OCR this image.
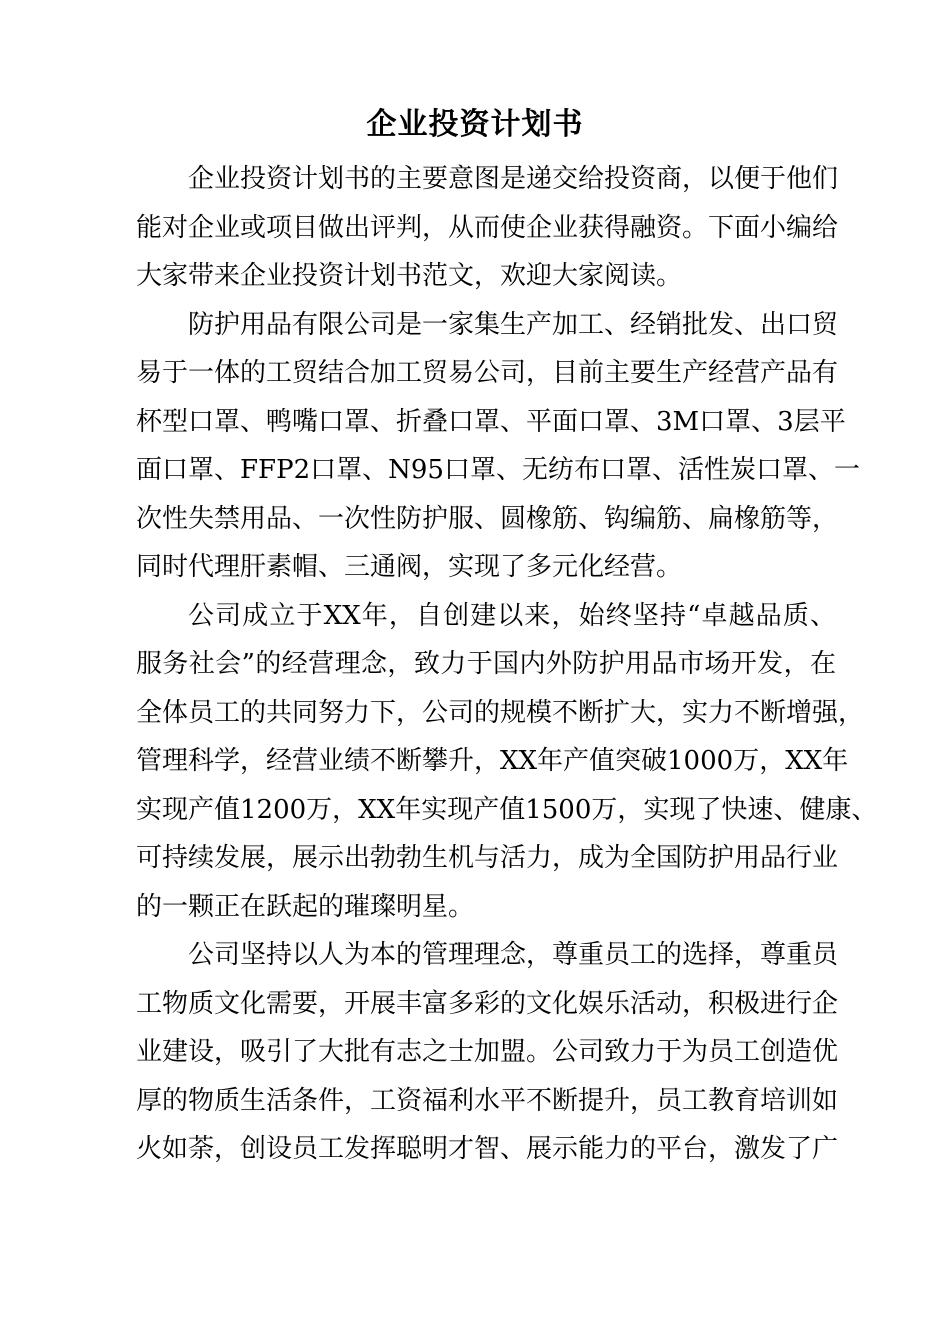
企业投资计划书
企业投资计划书的主要意图是递交给投资商，以便于他们
能对企业或项目做出评判，从而使企业获得融资。下面小编给
大家带来企业投资计划书范文，欢迎大家阅读。
防护用品有限公司是一家集生产加工、经销批发、出口贸
易于一体的工贸结合加工贸易公司，目前主要生产经营产品有
杯型口罩、鸭嘴口罩、折叠口罩、平面口罩、3M口罩、3层平
面口罩、FFP2口罩、N95口罩、无纺布口罩、活性炭口罩、一
次性失禁用品、一次性防护服、圆橡筋、钩编筋、扁橡筋等，
同时代理肝素帽、三通阀，实现了多元化经营。
公司成立于XX年，自创建以来，始终坚持“卓越品质、
服务社会”的经营理念，致力于国内外防护用品市场开发，在
全体员工的共同努力下，公司的规模不断扩大，实力不断增强，
管理科学，经营业绩不断攀升，XX年产值突破1000万，XX年
实现产值1200万，XX年实现产值1500万，实现了快速、健康、
可持续发展，展示出勃勃生机与活力，成为全国防护用品行业
的一颗正在跃起的璀璨明星。
公司坚持以人为本的管理理念，尊重员工的选择，尊重员
工物质文化需要，开展丰富多彩的文化娱乐活动，积极进行企
业建设，吸引了大批有志之士加盟。公司致力于为员工创造优
厚的物质生活条件，工资福利水平不断提升，员工教育培训如
火如荼，创设员工发挥聪明才智、展示能力的平台，激发了广
